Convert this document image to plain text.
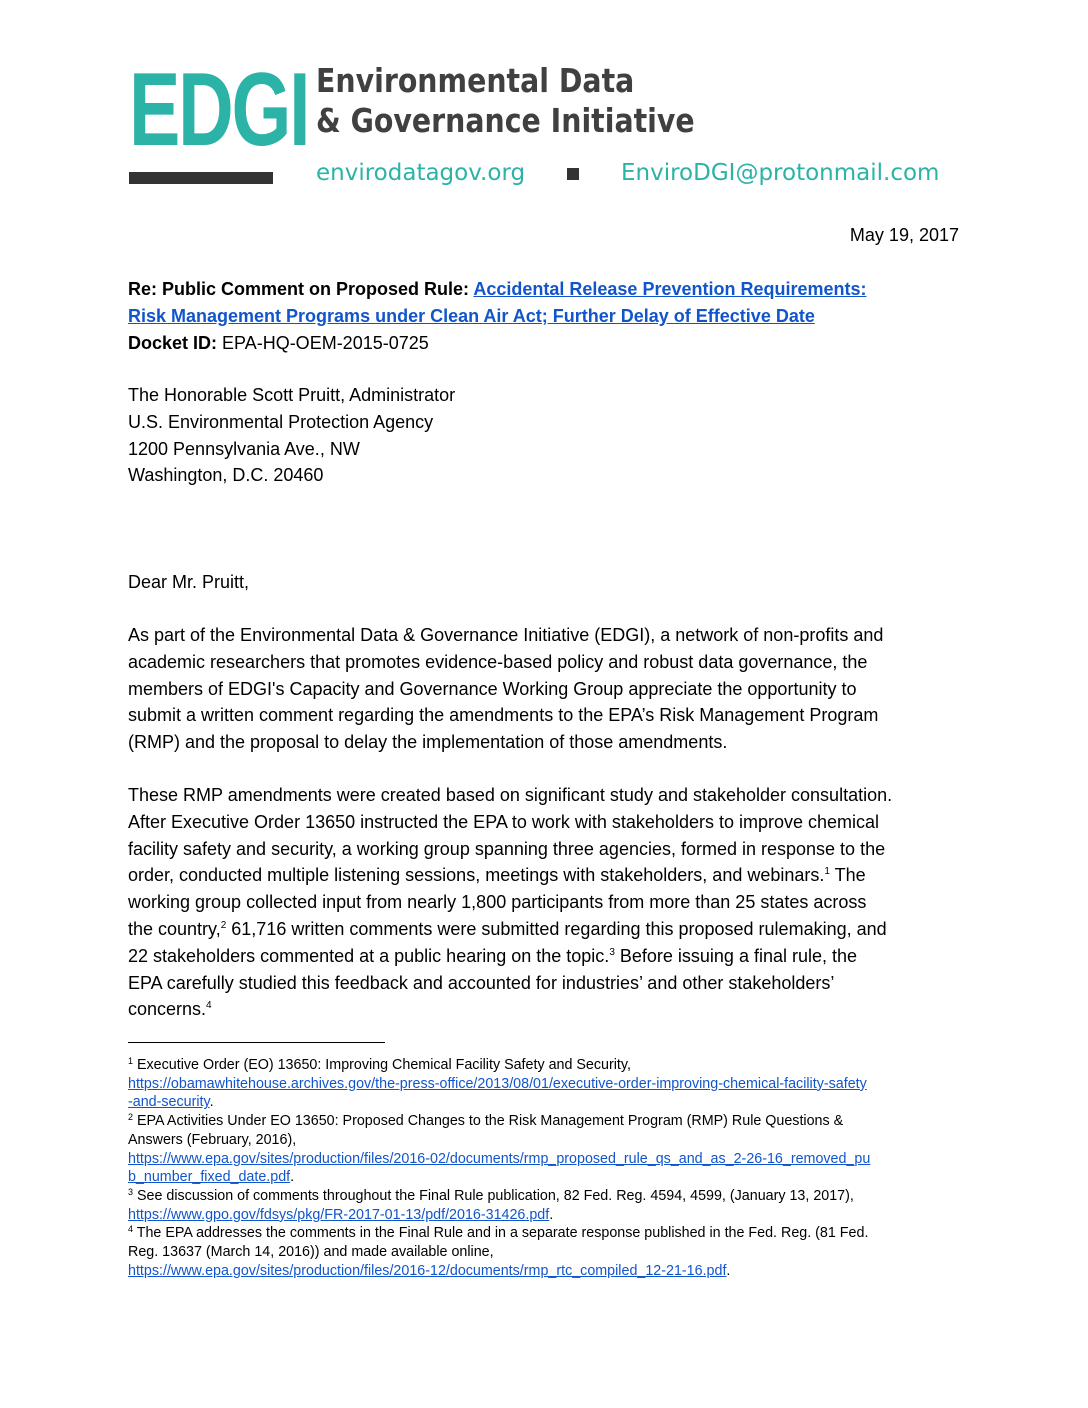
EDGI Environmental Data
& Governance Initiative
envirodatagov.org	EnviroDGI@protonmail.com
May 19, 2017
Re: Public Comment on Proposed Rule: Accidental Release Prevention Requirements:
Risk Management Programs under Clean Air Act; Further Delay of Effective Date
Docket ID: EPA-HQ-OEM-2015-0725
The Honorable Scott Pruitt, Administrator
U.S. Environmental Protection Agency
1200 Pennsylvania Ave., NW
Washington, D.C. 20460
Dear Mr. Pruitt,
As part of the Environmental Data & Governance Initiative (EDGI), a network of non-profits and
academic researchers that promotes evidence-based policy and robust data governance, the
members of EDGI's Capacity and Governance Working Group appreciate the opportunity to
submit a written comment regarding the amendments to the EPA’s Risk Management Program
(RMP) and the proposal to delay the implementation of those amendments.
These RMP amendments were created based on significant study and stakeholder consultation.
After Executive Order 13650 instructed the EPA to work with stakeholders to improve chemical
facility safety and security, a working group spanning three agencies, formed in response to the
order, conducted multiple listening sessions, meetings with stakeholders, and webinars.$^1$ The
working group collected input from nearly 1,800 participants from more than 25 states across
the country,$^2$ 61,716 written comments were submitted regarding this proposed rulemaking, and
22 stakeholders commented at a public hearing on the topic.$^3$ Before issuing a final rule, the
EPA carefully studied this feedback and accounted for industries’ and other stakeholders’
concerns.$^4$
$^1$ Executive Order (EO) 13650: Improving Chemical Facility Safety and Security,
https://obamawhitehouse.archives.gov/the-press-office/2013/08/01/executive-order-improving-chemical-facility-safety
-and-security.
$^2$ EPA Activities Under EO 13650: Proposed Changes to the Risk Management Program (RMP) Rule Questions &
Answers (February, 2016),
https://www.epa.gov/sites/production/files/2016-02/documents/rmp_proposed_rule_qs_and_as_2-26-16_removed_pu
b_number_fixed_date.pdf.
$^3$ See discussion of comments throughout the Final Rule publication, 82 Fed. Reg. 4594, 4599, (January 13, 2017),
https://www.gpo.gov/fdsys/pkg/FR-2017-01-13/pdf/2016-31426.pdf.
$^4$ The EPA addresses the comments in the Final Rule and in a separate response published in the Fed. Reg. (81 Fed.
Reg. 13637 (March 14, 2016)) and made available online,
https://www.epa.gov/sites/production/files/2016-12/documents/rmp_rtc_compiled_12-21-16.pdf.
